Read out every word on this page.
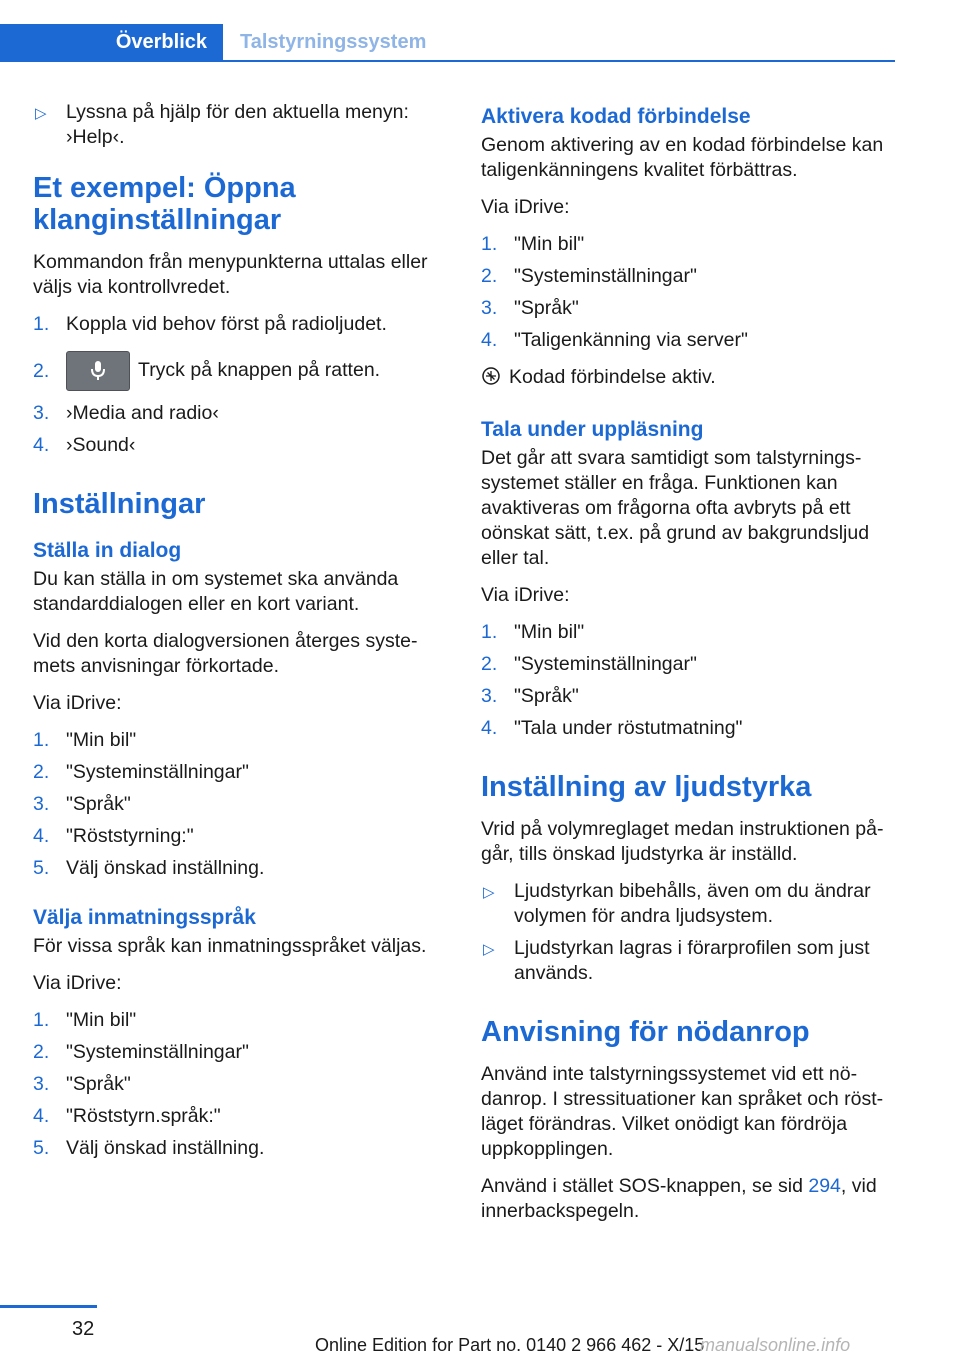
Överblick	Talstyrningssystem
▷ Lyssna på hjälp för den aktuella menyn: ›Help‹.
Et exempel: Öppna klanginställningar

Kommandon från menypunkterna uttalas eller väljs via kontrollvredet.

1. Koppla vid behov först på radioljudet.
2.	Tryck på knappen på ratten.
3. ›Media and radio‹
4. ›Sound‹
Inställningar
Ställa in dialog

Du kan ställa in om systemet ska använda standarddialogen eller en kort variant.

Vid den korta dialogversionen återges systemets anvisningar förkortade.

Via iDrive:

1. "Min bil"
2. "Systeminställningar"
3. "Språk"
4. "Röststyrning:"
5. Välj önskad inställning.
Välja inmatningsspråk

För vissa språk kan inmatningsspråket väljas.

Via iDrive:

1. "Min bil"
2. "Systeminställningar"
3. "Språk"
4. "Röststyrn.språk:"
5. Välj önskad inställning.
Aktivera kodad förbindelse

Genom aktivering av en kodad förbindelse kan taligenkänningens kvalitet förbättras.

Via iDrive:

1. "Min bil"
2. "Systeminställningar"
3. "Språk"
4. "Taligenkänning via server"
Kodad förbindelse aktiv.
Tala under uppläsning

Det går att svara samtidigt som talstyrningssystemet ställer en fråga. Funktionen kan avaktiveras om frågorna ofta avbryts på ett oönskat sätt, t.ex. på grund av bakgrundsljud eller tal.

Via iDrive:

1. "Min bil"
2. "Systeminställningar"
3. "Språk"
4. "Tala under röstutmatning"
Inställning av ljudstyrka

Vrid på volymreglaget medan instruktionen pågår, tills önskad ljudstyrka är inställd.

▷ Ljudstyrkan bibehålls, även om du ändrar volymen för andra ljudsystem.
▷ Ljudstyrkan lagras i förarprofilen som just används.
Anvisning för nödanrop

Använd inte talstyrningssystemet vid ett nödanrop. I stressituationer kan språket och röstläget förändras. Vilket onödigt kan fördröja uppkopplingen.

Använd i stället SOS-knappen, se sid 294, vid innerbackspegeln.

32
Online Edition for Part no. 0140 2 966 462 - X/15
manualsonline.info
